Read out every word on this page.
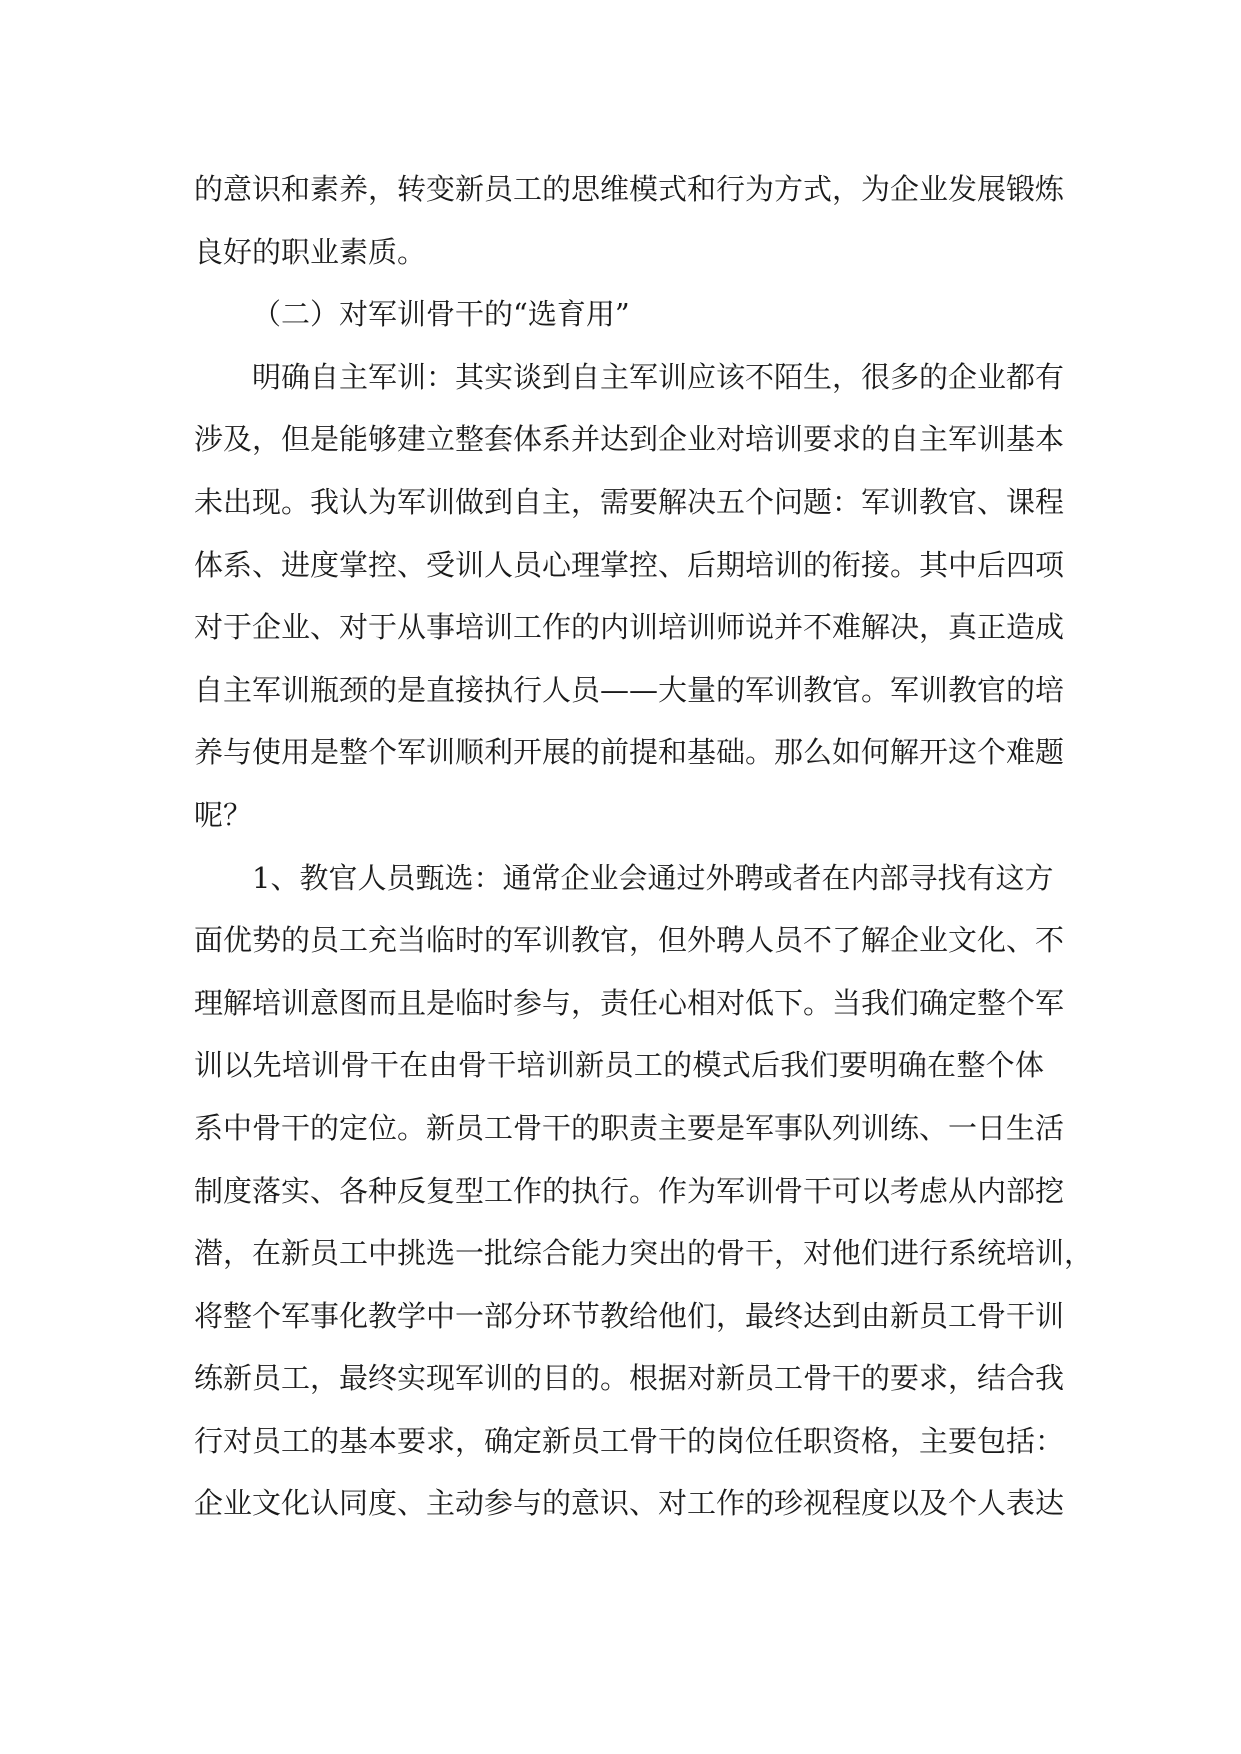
的意识和素养，转变新员工的思维模式和行为方式，为企业发展锻炼
良好的职业素质。
（二）对军训骨干的“选育用”
明确自主军训：其实谈到自主军训应该不陌生，很多的企业都有
涉及，但是能够建立整套体系并达到企业对培训要求的自主军训基本
未出现。我认为军训做到自主，需要解决五个问题：军训教官、课程
体系、进度掌控、受训人员心理掌控、后期培训的衔接。其中后四项
对于企业、对于从事培训工作的内训培训师说并不难解决，真正造成
自主军训瓶颈的是直接执行人员——大量的军训教官。军训教官的培
养与使用是整个军训顺利开展的前提和基础。那么如何解开这个难题
呢？
1、教官人员甄选：通常企业会通过外聘或者在内部寻找有这方
面优势的员工充当临时的军训教官，但外聘人员不了解企业文化、不
理解培训意图而且是临时参与，责任心相对低下。当我们确定整个军
训以先培训骨干在由骨干培训新员工的模式后我们要明确在整个体
系中骨干的定位。新员工骨干的职责主要是军事队列训练、一日生活
制度落实、各种反复型工作的执行。作为军训骨干可以考虑从内部挖
潜，在新员工中挑选一批综合能力突出的骨干，对他们进行系统培训，
将整个军事化教学中一部分环节教给他们，最终达到由新员工骨干训
练新员工，最终实现军训的目的。根据对新员工骨干的要求，结合我
行对员工的基本要求，确定新员工骨干的岗位任职资格，主要包括：
企业文化认同度、主动参与的意识、对工作的珍视程度以及个人表达
